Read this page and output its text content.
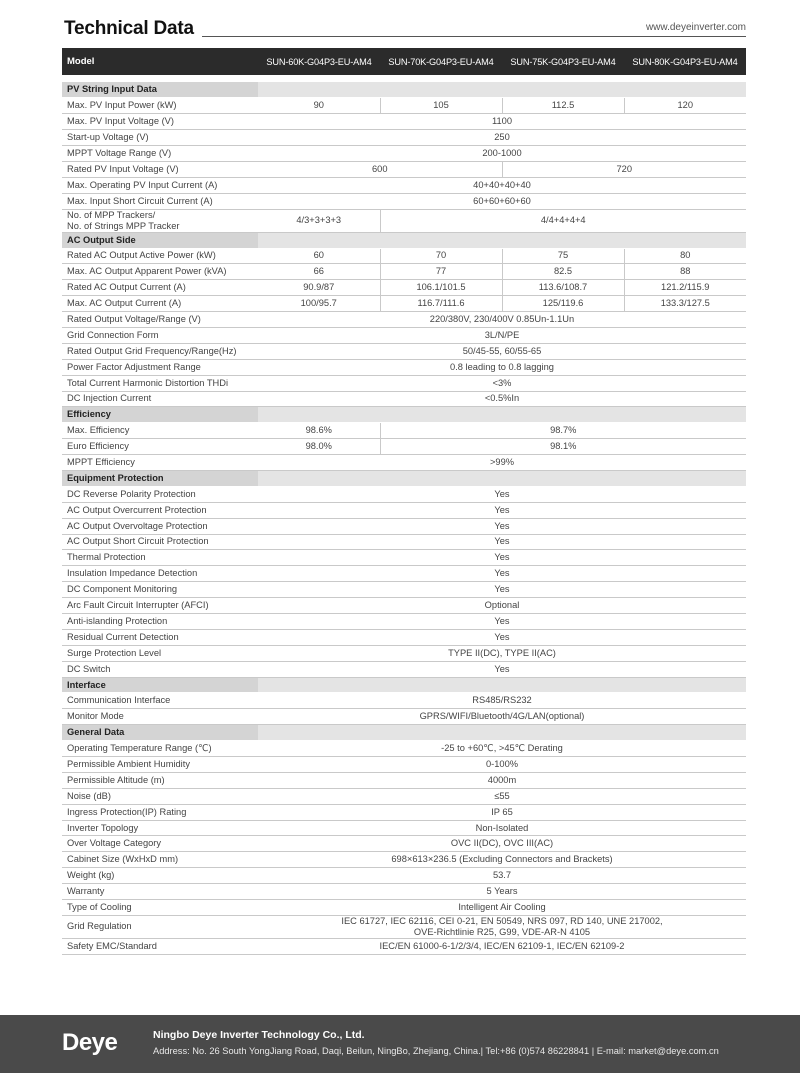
Technical Data	www.deyeinverter.com
Model	SUN-60K-G04P3-EU-AM4	SUN-70K-G04P3-EU-AM4	SUN-75K-G04P3-EU-AM4	SUN-80K-G04P3-EU-AM4
PV String Input Data				
Max. PV Input Power (kW)	90	105	112.5	120
Max. PV Input Voltage (V)	1100			
Start-up Voltage (V)	250			
MPPT Voltage Range (V)	200-1000			
Rated PV Input Voltage (V)	600		720	
Max. Operating PV Input Current (A)	40+40+40+40			
Max. Input Short Circuit Current (A)	60+60+60+60			
No. of MPP Trackers/
No. of Strings MPP Tracker	4/3+3+3+3	4/4+4+4+4		
AC Output Side				
Rated AC Output Active Power (kW)	60	70	75	80
Max. AC Output Apparent Power (kVA)	66	77	82.5	88
Rated AC Output Current (A)	90.9/87	106.1/101.5	113.6/108.7	121.2/115.9
Max. AC Output Current (A)	100/95.7	116.7/111.6	125/119.6	133.3/127.5
Rated Output Voltage/Range (V)	220/380V, 230/400V 0.85Un-1.1Un			
Grid Connection Form	3L/N/PE			
Rated Output Grid Frequency/Range(Hz)	50/45-55, 60/55-65			
Power Factor Adjustment Range	0.8 leading to 0.8 lagging			
Total Current Harmonic Distortion THDi	<3%			
DC Injection Current	<0.5%In			
Efficiency				
Max. Efficiency	98.6%	98.7%		
Euro Efficiency	98.0%	98.1%		
MPPT Efficiency	>99%			
Equipment Protection				
DC Reverse Polarity Protection	Yes			
AC Output Overcurrent Protection	Yes			
AC Output Overvoltage Protection	Yes			
AC Output Short Circuit Protection	Yes			
Thermal Protection	Yes			
Insulation Impedance Detection	Yes			
DC Component Monitoring	Yes			
Arc Fault Circuit Interrupter (AFCI)	Optional			
Anti-islanding Protection	Yes			
Residual Current Detection	Yes			
Surge Protection Level	TYPE II(DC), TYPE II(AC)			
DC Switch	Yes			
Interface				
Communication Interface	RS485/RS232			
Monitor Mode	GPRS/WIFI/Bluetooth/4G/LAN(optional)			
General Data				
Operating Temperature Range (℃)	-25 to +60℃, >45℃ Derating			
Permissible Ambient Humidity	0-100%			
Permissible Altitude (m)	4000m			
Noise (dB)	≤55			
Ingress Protection(IP) Rating	IP 65			
Inverter Topology	Non-Isolated			
Over Voltage Category	OVC II(DC), OVC III(AC)			
Cabinet Size (WxHxD mm)	698×613×236.5 (Excluding Connectors and Brackets)			
Weight (kg)	53.7			
Warranty	5 Years			
Type of Cooling	Intelligent Air Cooling			
Grid Regulation	IEC 61727, IEC 62116, CEI 0-21, EN 50549, NRS 097, RD 140, UNE 217002,
OVE-Richtlinie R25, G99, VDE-AR-N 4105			
Safety EMC/Standard	IEC/EN 61000-6-1/2/3/4, IEC/EN 62109-1, IEC/EN 62109-2			
Deye	Ningbo Deye Inverter Technology Co., Ltd.
Address: No. 26 South YongJiang Road, Daqi, Beilun, NingBo, Zhejiang, China.| Tel:+86 (0)574 86228841 | E-mail: market@deye.com.cn
